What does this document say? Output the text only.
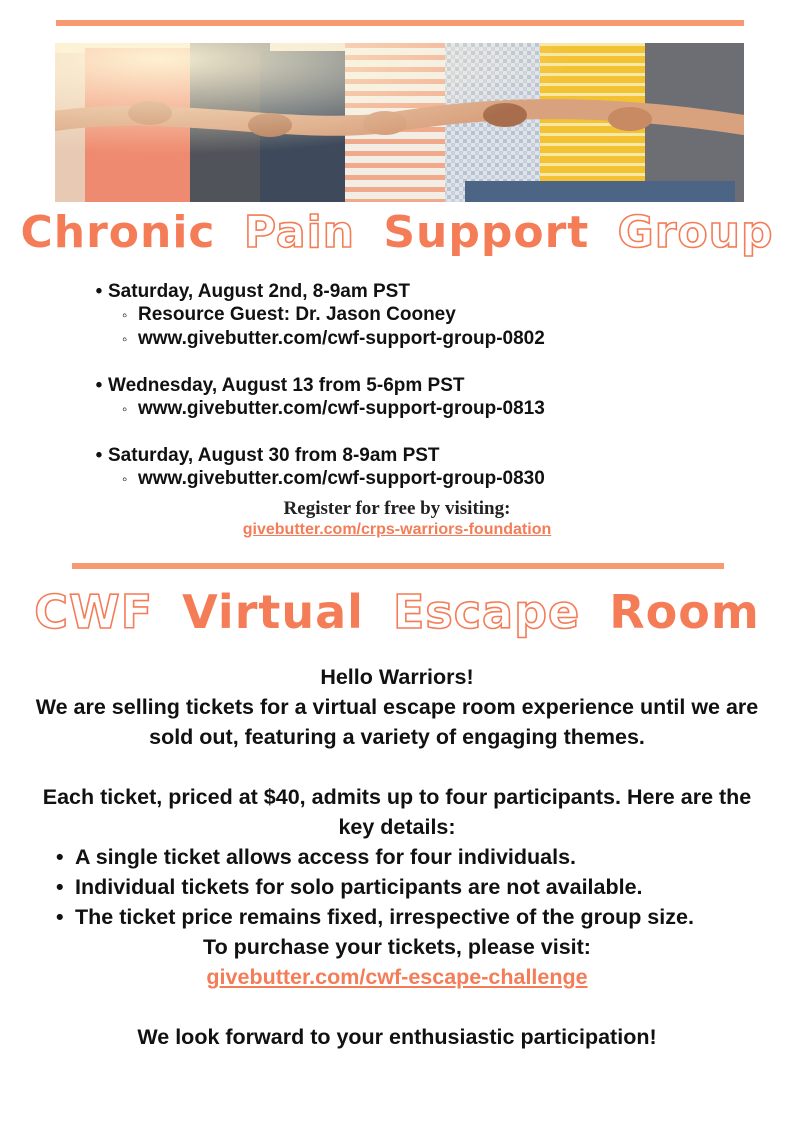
Chronic Pain Support Group
• Saturday, August 2nd, 8-9am PST
◦ Resource Guest: Dr. Jason Cooney
◦ www.givebutter.com/cwf-support-group-0802
• Wednesday, August 13 from 5-6pm PST
◦ www.givebutter.com/cwf-support-group-0813
• Saturday, August 30 from 8-9am PST
◦ www.givebutter.com/cwf-support-group-0830
Register for free by visiting:
givebutter.com/crps-warriors-foundation
CWF Virtual Escape Room

Hello Warriors!

We are selling tickets for a virtual escape room experience until we are sold out, featuring a variety of engaging themes.

Each ticket, priced at $40, admits up to four participants. Here are the key details:

• A single ticket allows access for four individuals.
• Individual tickets for solo participants are not available.
• The ticket price remains fixed, irrespective of the group size.

To purchase your tickets, please visit:

givebutter.com/cwf-escape-challenge

We look forward to your enthusiastic participation!
